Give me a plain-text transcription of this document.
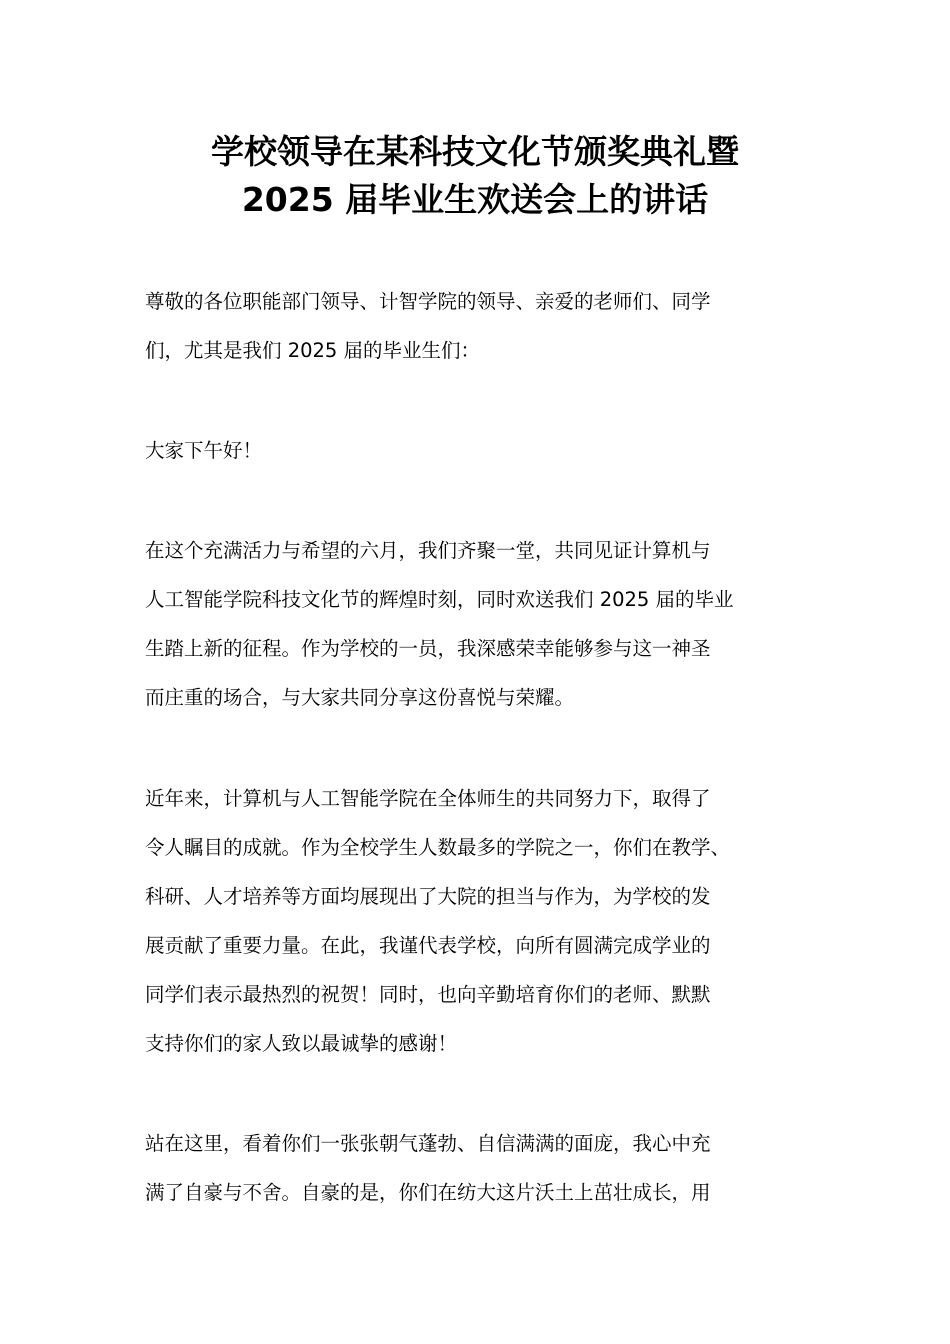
学校领导在某科技文化节颁奖典礼暨
2025 届毕业生欢送会上的讲话
尊敬的各位职能部门领导、计智学院的领导、亲爱的老师们、同学
们，尤其是我们 2025 届的毕业生们：
大家下午好！
在这个充满活力与希望的六月，我们齐聚一堂，共同见证计算机与
人工智能学院科技文化节的辉煌时刻，同时欢送我们 2025 届的毕业
生踏上新的征程。作为学校的一员，我深感荣幸能够参与这一神圣
而庄重的场合，与大家共同分享这份喜悦与荣耀。
近年来，计算机与人工智能学院在全体师生的共同努力下，取得了
令人瞩目的成就。作为全校学生人数最多的学院之一，你们在教学、
科研、人才培养等方面均展现出了大院的担当与作为，为学校的发
展贡献了重要力量。在此，我谨代表学校，向所有圆满完成学业的
同学们表示最热烈的祝贺！同时，也向辛勤培育你们的老师、默默
支持你们的家人致以最诚挚的感谢！
站在这里，看着你们一张张朝气蓬勃、自信满满的面庞，我心中充
满了自豪与不舍。自豪的是，你们在纺大这片沃土上茁壮成长，用
